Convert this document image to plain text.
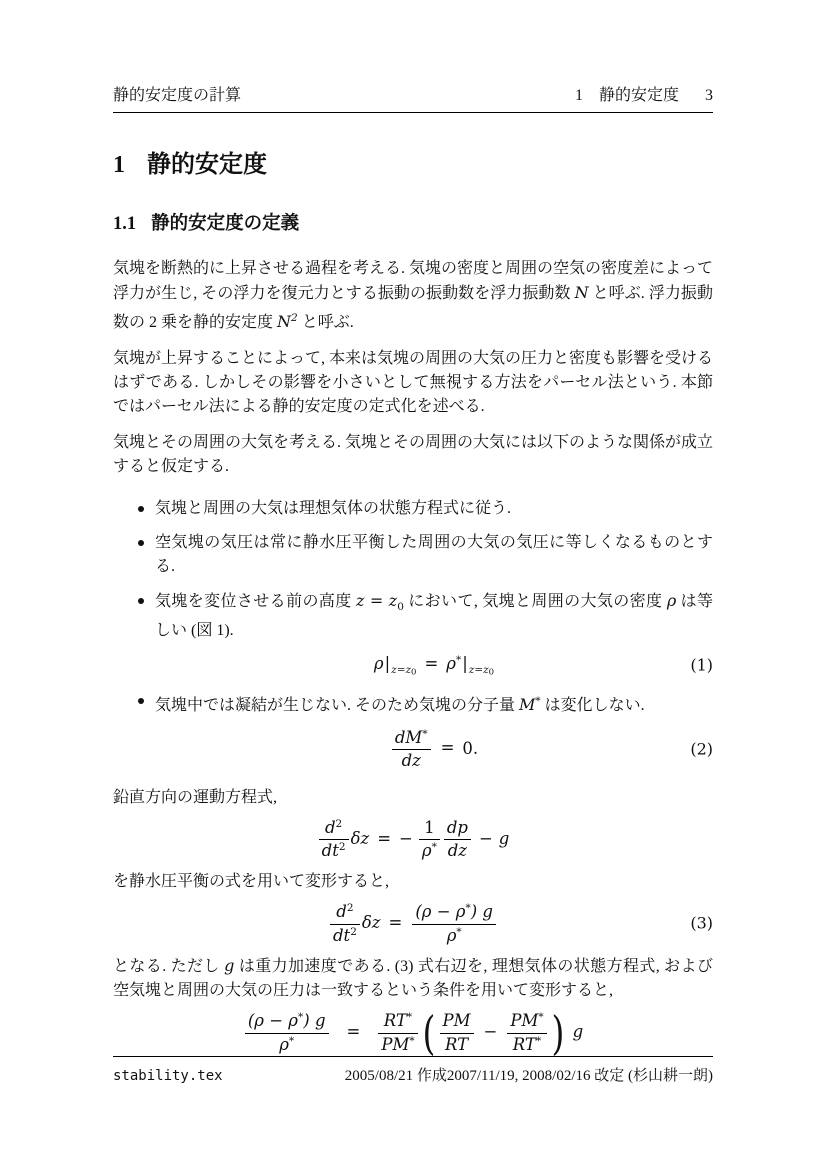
静的安定度の計算	1　静的安定度 3
1 静的安定度
1.1 静的安定度の定義

気塊を断熱的に上昇させる過程を考える. 気塊の密度と周囲の空気の密度差によって浮力が生じ, その浮力を復元力とする振動の振動数を浮力振動数 N と呼ぶ. 浮力振動数の 2 乗を静的安定度 $N^2$ と呼ぶ.

気塊が上昇することによって, 本来は気塊の周囲の大気の圧力と密度も影響を受けるはずである. しかしその影響を小さいとして無視する方法をパーセル法という. 本節ではパーセル法による静的安定度の定式化を述べる.

気塊とその周囲の大気を考える. 気塊とその周囲の大気には以下のような関係が成立すると仮定する.

気塊と周囲の大気は理想気体の状態方程式に従う.
空気塊の気圧は常に静水圧平衡した周囲の大気の気圧に等しくなるものとする.
気塊を変位させる前の高度 $z = z_0$ において, 気塊と周囲の大気の密度 ρ は等しい (図 1).
$\rho|_{z=z0} = \rho^*|_{z=z0}$	(1)
気塊中では凝結が生じない. そのため気塊の分子量 M* は変化しない.
$\frac{dM^*}{dz} = 0$.	(2)

鉛直方向の運動方程式,

$\frac{d^2}{dt^2}$ δz = − $\frac{1}{\rho^*} \frac{dp}{dz} - g$

を静水圧平衡の式を用いて変形すると,

$\frac{d^2}{dt^2}$ $\delta z = \frac{(\rho - \rho^*) g}{\rho^*}$	(3)

となる. ただし g は重力加速度である. (3) 式右辺を, 理想気体の状態方程式, および空気塊と周囲の大気の圧力は一致するという条件を用いて変形すると,

$\frac{(\rho - \rho^*) g}{\rho^*} = \frac{RT^*}{PM^*}$ ( $\frac{PM}{RT} - \frac{PM^*}{RT^*}$ ) g
stability.tex	2005/08/21 作成2007/11/19, 2008/02/16 改定 (杉山耕一朗)
